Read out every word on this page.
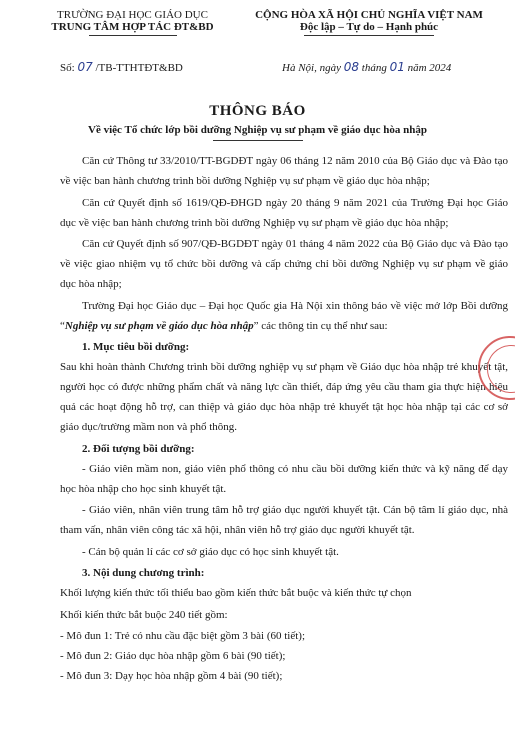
TRƯỜNG ĐẠI HỌC GIÁO DỤC
TRUNG TÂM HỢP TÁC ĐT&BD
CỘNG HÒA XÃ HỘI CHỦ NGHĨA VIỆT NAM
Độc lập – Tự do – Hạnh phúc
Số: 07 /TB-TTHTĐT&BD	Hà Nội, ngày 08 tháng 01 năm 2024
THÔNG BÁO
Về việc Tổ chức lớp bồi dưỡng Nghiệp vụ sư phạm về giáo dục hòa nhập

Căn cứ Thông tư 33/2010/TT-BGDĐT ngày 06 tháng 12 năm 2010 của Bộ Giáo dục và Đào tạo về việc ban hành chương trình bồi dưỡng Nghiệp vụ sư phạm về giáo dục hòa nhập;

Căn cứ Quyết định số 1619/QĐ-ĐHGD ngày 20 tháng 9 năm 2021 của Trường Đại học Giáo dục về việc ban hành chương trình bồi dưỡng Nghiệp vụ sư phạm về giáo dục hòa nhập;

Căn cứ Quyết định số 907/QĐ-BGDĐT ngày 01 tháng 4 năm 2022 của Bộ Giáo dục và Đào tạo về việc giao nhiệm vụ tổ chức bồi dưỡng và cấp chứng chỉ bồi dưỡng Nghiệp vụ sư phạm về giáo dục hòa nhập;

Trường Đại học Giáo dục – Đại học Quốc gia Hà Nội xin thông báo về việc mở lớp Bồi dưỡng “Nghiệp vụ sư phạm về giáo dục hòa nhập” các thông tin cụ thể như sau:

1. Mục tiêu bồi dưỡng:

Sau khi hoàn thành Chương trình bồi dưỡng nghiệp vụ sư phạm về Giáo dục hòa nhập trẻ khuyết tật, người học có được những phẩm chất và năng lực cần thiết, đáp ứng yêu cầu tham gia thực hiện hiệu quả các hoạt động hỗ trợ, can thiệp và giáo dục hòa nhập trẻ khuyết tật học hòa nhập tại các cơ sở giáo dục/trường mầm non và phổ thông.

2. Đối tượng bồi dưỡng:

- Giáo viên mầm non, giáo viên phổ thông có nhu cầu bồi dưỡng kiến thức và kỹ năng để dạy học hòa nhập cho học sinh khuyết tật.

- Giáo viên, nhân viên trung tâm hỗ trợ giáo dục người khuyết tật. Cán bộ tâm lí giáo dục, nhà tham vấn, nhân viên công tác xã hội, nhân viên hỗ trợ giáo dục người khuyết tật.

- Cán bộ quản lí các cơ sở giáo dục có học sinh khuyết tật.

3. Nội dung chương trình:

Khối lượng kiến thức tối thiểu bao gồm kiến thức bắt buộc và kiến thức tự chọn

Khối kiến thức bắt buộc 240 tiết gồm:

- Mô đun 1: Trẻ có nhu cầu đặc biệt gồm 3 bài (60 tiết);

- Mô đun 2: Giáo dục hòa nhập gồm 6 bài (90 tiết);

- Mô đun 3: Dạy học hòa nhập gồm 4 bài (90 tiết);
